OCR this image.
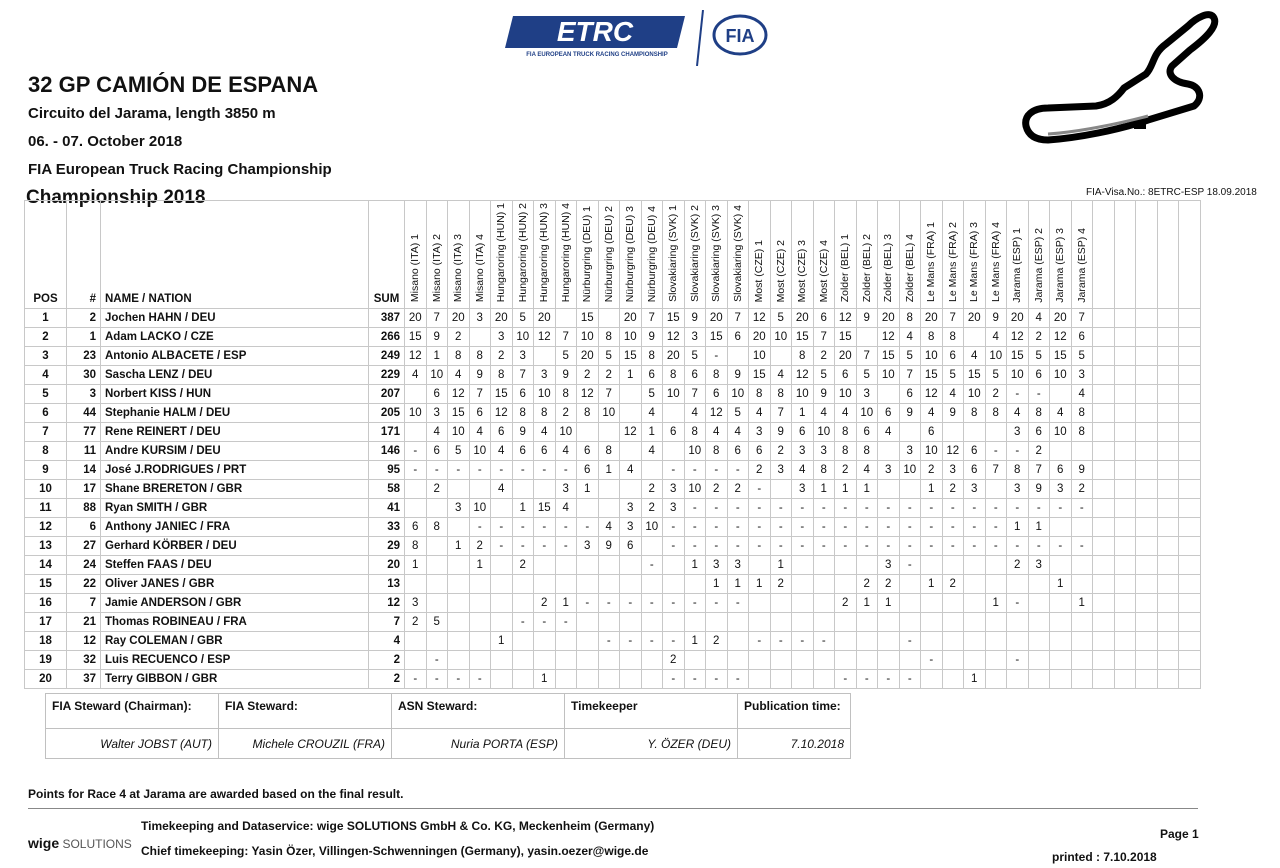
ETRC
FIA EUROPEAN TRUCK RACING CHAMPIONSHIP
FIA
32 GP CAMIÓN DE ESPANA
Circuito del Jarama, length 3850 m
06. - 07. October 2018
FIA European Truck Racing Championship
Championship 2018	FIA-Visa.No.: 8ETRC-ESP 18.09.2018
POS	#	NAME / NATION	SUM	Misano (ITA) 1	Misano (ITA) 2	Misano (ITA) 3	Misano (ITA) 4	Hungaroring (HUN) 1	Hungaroring (HUN) 2	Hungaroring (HUN) 3	Hungaroring (HUN) 4	Nürburgring (DEU) 1	Nürburgring (DEU) 2	Nürburgring (DEU) 3	Nürburgring (DEU) 4	Slovakiaring (SVK) 1	Slovakiaring (SVK) 2	Slovakiaring (SVK) 3	Slovakiaring (SVK) 4	Most (CZE) 1	Most (CZE) 2	Most (CZE) 3	Most (CZE) 4	Zolder (BEL) 1	Zolder (BEL) 2	Zolder (BEL) 3	Zolder (BEL) 4	Le Mans (FRA) 1	Le Mans (FRA) 2	Le Mans (FRA) 3	Le Mans (FRA) 4	Jarama (ESP) 1	Jarama (ESP) 2	Jarama (ESP) 3	Jarama (ESP) 4					
1	2	Jochen HAHN / DEU	387	20	7	20	3	20	5	20		15		20	7	15	9	20	7	12	5	20	6	12	9	20	8	20	7	20	9	20	4	20	7					
2	1	Adam LACKO / CZE	266	15	9	2		3	10	12	7	10	8	10	9	12	3	15	6	20	10	15	7	15		12	4	8	8		4	12	2	12	6					
3	23	Antonio ALBACETE / ESP	249	12	1	8	8	2	3		5	20	5	15	8	20	5	-		10		8	2	20	7	15	5	10	6	4	10	15	5	15	5					
4	30	Sascha LENZ / DEU	229	4	10	4	9	8	7	3	9	2	2	1	6	8	6	8	9	15	4	12	5	6	5	10	7	15	5	15	5	10	6	10	3					
5	3	Norbert KISS / HUN	207		6	12	7	15	6	10	8	12	7		5	10	7	6	10	8	8	10	9	10	3		6	12	4	10	2	-	-		4					
6	44	Stephanie HALM / DEU	205	10	3	15	6	12	8	8	2	8	10		4		4	12	5	4	7	1	4	4	10	6	9	4	9	8	8	4	8	4	8					
7	77	Rene REINERT / DEU	171		4	10	4	6	9	4	10			12	1	6	8	4	4	3	9	6	10	8	6	4		6				3	6	10	8					
8	11	Andre KURSIM / DEU	146	-	6	5	10	4	6	6	4	6	8		4		10	8	6	6	2	3	3	8	8		3	10	12	6	-	-	2							
9	14	José J.RODRIGUES / PRT	95	-	-	-	-	-	-	-	-	6	1	4		-	-	-	-	2	3	4	8	2	4	3	10	2	3	6	7	8	7	6	9					
10	17	Shane BRERETON / GBR	58		2			4			3	1			2	3	10	2	2	-		3	1	1	1			1	2	3		3	9	3	2					
11	88	Ryan SMITH / GBR	41			3	10		1	15	4			3	2	3	-	-	-	-	-	-	-	-	-	-	-	-	-	-	-	-	-	-	-					
12	6	Anthony JANIEC / FRA	33	6	8		-	-	-	-	-	-	4	3	10	-	-	-	-	-	-	-	-	-	-	-	-	-	-	-	-	1	1							
13	27	Gerhard KÖRBER / DEU	29	8		1	2	-	-	-	-	3	9	6		-	-	-	-	-	-	-	-	-	-	-	-	-	-	-	-	-	-	-	-					
14	24	Steffen FAAS / DEU	20	1			1		2						-		1	3	3		1					3	-					2	3							
15	22	Oliver JANES / GBR	13															1	1	1	2				2	2		1	2					1						
16	7	Jamie ANDERSON / GBR	12	3						2	1	-	-	-	-	-	-	-	-					2	1	1					1	-			1					
17	21	Thomas ROBINEAU / FRA	7	2	5				-	-	-																													
18	12	Ray COLEMAN / GBR	4					1					-	-	-	-	1	2		-	-	-	-				-													
19	32	Luis RECUENCO / ESP	2		-											2												-				-								
20	37	Terry GIBBON / GBR	2	-	-	-	-			1						-	-	-	-					-	-	-	-			1										
FIA Steward (Chairman):	FIA Steward:	ASN Steward:	Timekeeper	Publication time:
Walter JOBST (AUT)	Michele CROUZIL (FRA)	Nuria PORTA (ESP)	Y. ÖZER (DEU)	7.10.2018
Points for Race 4 at Jarama are awarded based on the final result.
wige SOLUTIONS
Timekeeping and Dataservice: wige SOLUTIONS GmbH & Co. KG, Meckenheim (Germany)
Chief timekeeping: Yasin Özer, Villingen-Schwenningen (Germany), yasin.oezer@wige.de
Page 1
printed : 7.10.2018
